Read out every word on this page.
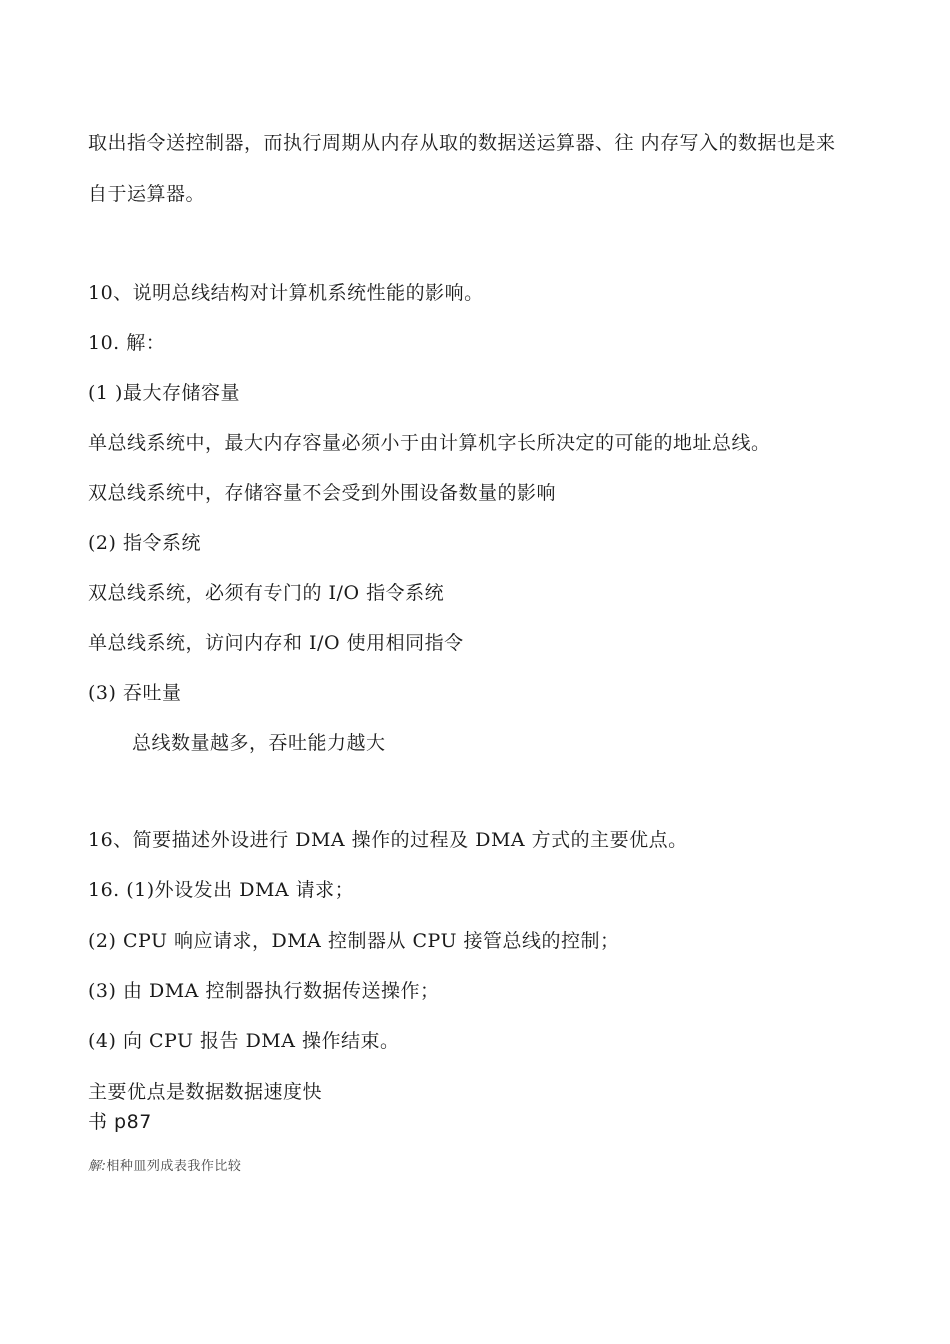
取出指令送控制器，而执行周期从内存从取的数据送运算器、往 内存写入的数据也是来
自于运算器。
10、说明总线结构对计算机系统性能的影响。
10. 解：
(1 )最大存储容量
单总线系统中，最大内存容量必须小于由计算机字长所决定的可能的地址总线。
双总线系统中，存储容量不会受到外围设备数量的影响
(2) 指令系统
双总线系统，必须有专门的 I/O 指令系统
单总线系统，访问内存和 I/O 使用相同指令
(3) 吞吐量
总线数量越多，吞吐能力越大
16、简要描述外设进行 DMA 操作的过程及 DMA 方式的主要优点。
16. (1)外设发出 DMA 请求；
(2) CPU 响应请求，DMA 控制器从 CPU 接管总线的控制；
(3) 由 DMA 控制器执行数据传送操作；
(4) 向 CPU 报告 DMA 操作结束。
主要优点是数据数据速度快
书 p87
解:相种皿列成表我作比较
